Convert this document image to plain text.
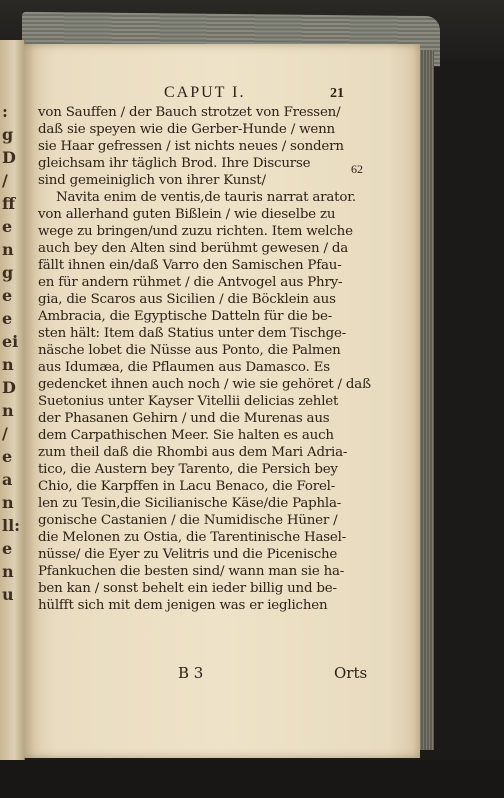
:
g
D
/
ff
e
n
g
e
e
ei
n
D
n
/
e
a
n
ll:
e
n
u
CAPUT I.	21
von Sauffen / der Bauch strotzet von Fressen/
daß sie speyen wie die Gerber-Hunde / wenn
sie Haar gefressen / ist nichts neues / sondern
gleichsam ihr täglich Brod. Ihre Discurse
sind gemeiniglich von ihrer Kunst/
Navita enim de ventis,de tauris narrat arator.
von allerhand guten Bißlein / wie dieselbe zu
wege zu bringen/und zuzu richten. Item welche
auch bey den Alten sind berühmt gewesen / da
fällt ihnen ein/daß Varro den Samischen Pfau-
en für andern rühmet / die Antvogel aus Phry-
gia, die Scaros aus Sicilien / die Böcklein aus
Ambracia, die Egyptische Datteln für die be-
sten hält: Item daß Statius unter dem Tischge-
näsche lobet die Nüsse aus Ponto, die Palmen
aus Idumæa, die Pflaumen aus Damasco. Es
gedencket ihnen auch noch / wie sie gehöret / daß
Suetonius unter Kayser Vitellii delicias zehlet
der Phasanen Gehirn / und die Murenas aus
dem Carpathischen Meer. Sie halten es auch
zum theil daß die Rhombi aus dem Mari Adria-
tico, die Austern bey Tarento, die Persich bey
Chio, die Karpffen in Lacu Benaco, die Forel-
len zu Tesin,die Sicilianische Käse/die Paphla-
gonische Castanien / die Numidische Hüner /
die Melonen zu Ostia, die Tarentinische Hasel-
nüsse/ die Eyer zu Velitris und die Picenische
Pfankuchen die besten sind/ wann man sie ha-
ben kan / sonst behelt ein ieder billig und be-
hülfft sich mit dem jenigen was er ieglichen
62
B 3	Orts
